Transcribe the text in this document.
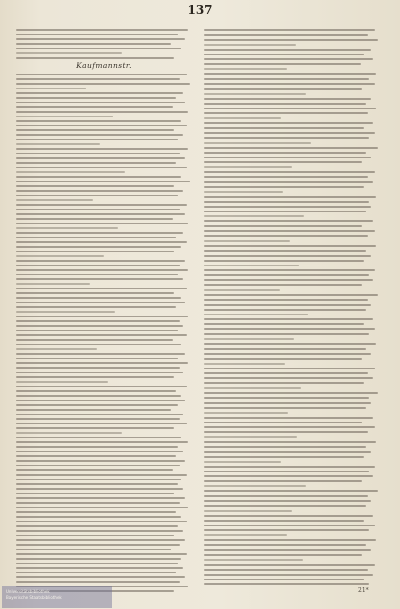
137
Kaufmannstr.
21*
Universitätsbibliothek
Bayerische Staatsbibliothek
